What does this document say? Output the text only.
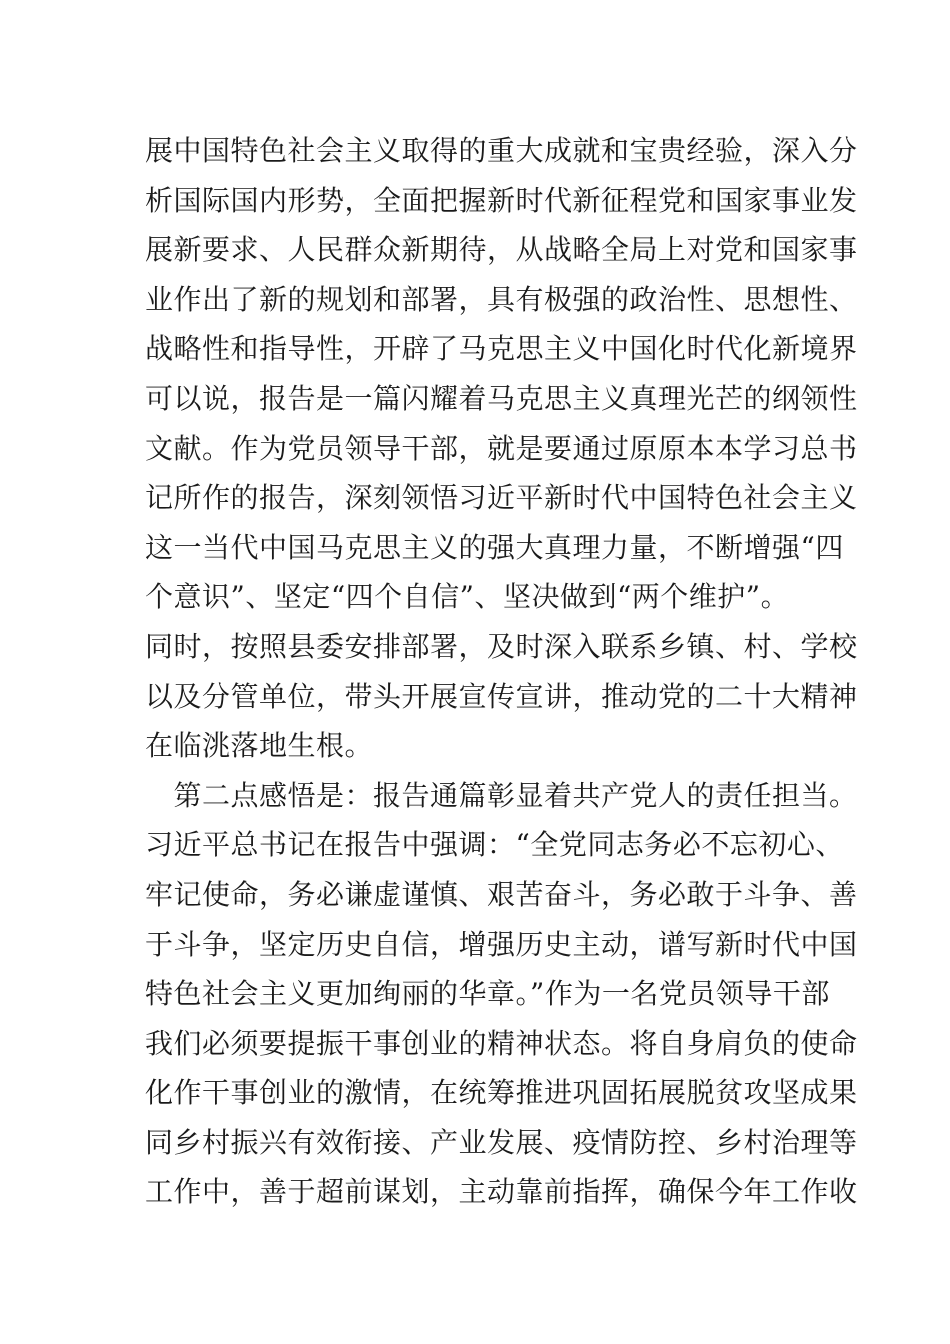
展中国特色社会主义取得的重大成就和宝贵经验，深入分
析国际国内形势，全面把握新时代新征程党和国家事业发
展新要求、人民群众新期待，从战略全局上对党和国家事
业作出了新的规划和部署，具有极强的政治性、思想性、
战略性和指导性，开辟了马克思主义中国化时代化新境界
可以说，报告是一篇闪耀着马克思主义真理光芒的纲领性
文献。作为党员领导干部，就是要通过原原本本学习总书
记所作的报告，深刻领悟习近平新时代中国特色社会主义
这一当代中国马克思主义的强大真理力量，不断增强“四
个意识”、坚定“四个自信”、坚决做到“两个维护”。
同时，按照县委安排部署，及时深入联系乡镇、村、学校
以及分管单位，带头开展宣传宣讲，推动党的二十大精神
在临洮落地生根。
　第二点感悟是：报告通篇彰显着共产党人的责任担当。
习近平总书记在报告中强调：“全党同志务必不忘初心、
牢记使命，务必谦虚谨慎、艰苦奋斗，务必敢于斗争、善
于斗争，坚定历史自信，增强历史主动，谱写新时代中国
特色社会主义更加绚丽的华章。”作为一名党员领导干部
我们必须要提振干事创业的精神状态。将自身肩负的使命
化作干事创业的激情，在统筹推进巩固拓展脱贫攻坚成果
同乡村振兴有效衔接、产业发展、疫情防控、乡村治理等
工作中，善于超前谋划，主动靠前指挥，确保今年工作收
